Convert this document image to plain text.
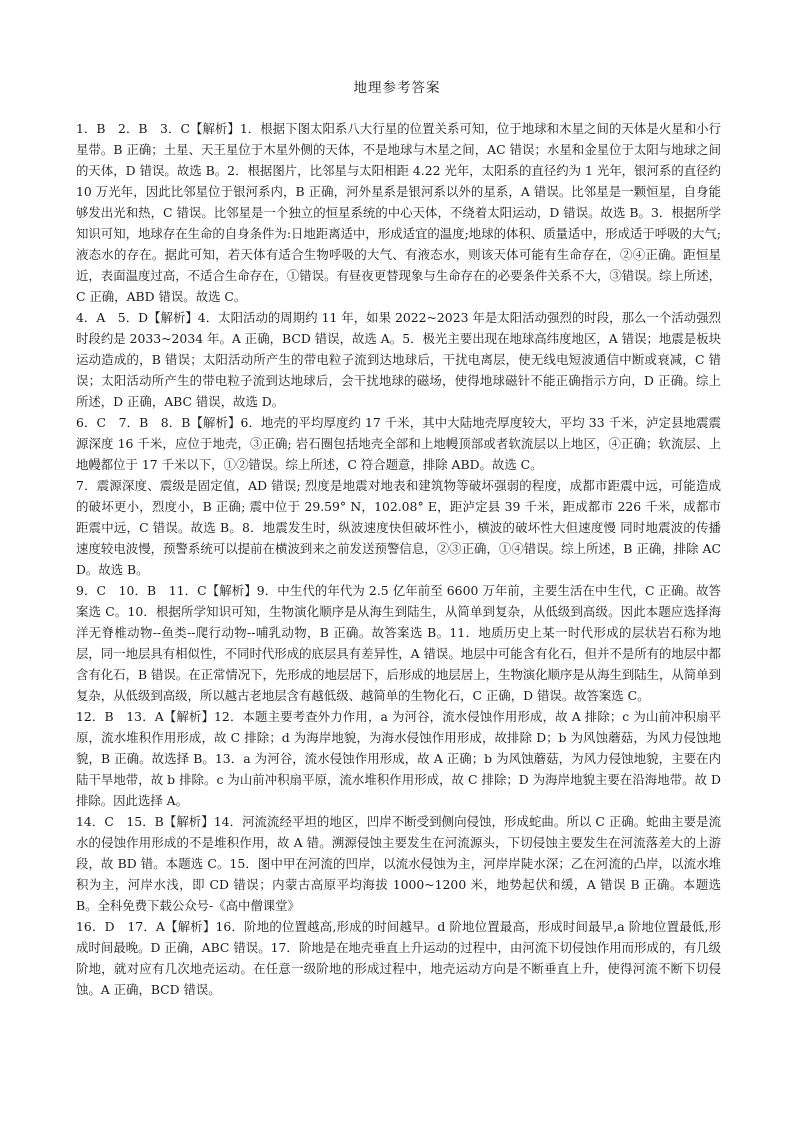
地理参考答案

1．B　2．B　3．C【解析】1．根据下图太阳系八大行星的位置关系可知，位于地球和木星之间的天体是火星和小行星带。B 正确；土星、天王星位于木星外侧的天体，不是地球与木星之间，AC 错误；水星和金星位于太阳与地球之间的天体，D 错误。故选 B。2．根据图片，比邻星与太阳相距 4.22 光年，太阳系的直径约为 1 光年，银河系的直径约 10 万光年，因此比邻星位于银河系内，B 正确，河外星系是银河系以外的星系，A 错误。比邻星是一颗恒星，自身能够发出光和热，C 错误。比邻星是一个独立的恒星系统的中心天体，不绕着太阳运动，D 错误。故选 B。3．根据所学知识可知，地球存在生命的自身条件为:日地距离适中，形成适宜的温度;地球的体积、质量适中，形成适于呼吸的大气;液态水的存在。据此可知，若天体有适合生物呼吸的大气、有液态水，则该天体可能有生命存在，②④正确。距恒星近，表面温度过高，不适合生命存在，①错误。有昼夜更替现象与生命存在的必要条件关系不大，③错误。综上所述，C 正确，ABD 错误。故选 C。

4．A　5．D【解析】4．太阳活动的周期约 11 年，如果 2022~2023 年是太阳活动强烈的时段，那么一个活动强烈时段约是 2033~2034 年。A 正确，BCD 错误，故选 A。5．极光主要出现在地球高纬度地区，A 错误；地震是板块运动造成的，B 错误；太阳活动所产生的带电粒子流到达地球后，干扰电离层，使无线电短波通信中断或衰减，C 错误；太阳活动所产生的带电粒子流到达地球后，会干扰地球的磁场，使得地球磁针不能正确指示方向，D 正确。综上所述，D 正确，ABC 错误，故选 D。

6．C　7．B　8．B【解析】6．地壳的平均厚度约 17 千米，其中大陆地壳厚度较大，平均 33 千米，泸定县地震震源深度 16 千米，应位于地壳，③正确; 岩石圈包括地壳全部和上地幔顶部或者软流层以上地区，④正确；软流层、上地幔都位于 17 千米以下，①②错误。综上所述，C 符合题意，排除 ABD。故选 C。

7．震源深度、震级是固定值，AD 错误; 烈度是地震对地表和建筑物等破坏强弱的程度，成都市距震中远，可能造成的破坏更小，烈度小，B 正确; 震中位于 29.59° N，102.08° E，距泸定县 39 千米，距成都市 226 千米，成都市距震中远，C 错误。故选 B。8．地震发生时，纵波速度快但破坏性小，横波的破坏性大但速度慢 同时地震波的传播速度较电波慢，预警系统可以提前在横波到来之前发送预警信息，②③正确，①④错误。综上所述，B 正确，排除 ACD。故选 B。

9．C　10．B　11．C【解析】9．中生代的年代为 2.5 亿年前至 6600 万年前，主要生活在中生代，C 正确。故答案选 C。10．根据所学知识可知，生物演化顺序是从海生到陆生，从简单到复杂，从低级到高级。因此本题应选择海洋无脊椎动物--鱼类--爬行动物--哺乳动物，B 正确。故答案选 B。11．地质历史上某一时代形成的层状岩石称为地层，同一地层具有相似性，不同时代形成的底层具有差异性，A 错误。地层中可能含有化石，但并不是所有的地层中都含有化石，B 错误。在正常情况下，先形成的地层居下，后形成的地层居上，生物演化顺序是从海生到陆生，从简单到复杂，从低级到高级，所以越古老地层含有越低级、越简单的生物化石，C 正确，D 错误。故答案选 C。

12．B　13．A【解析】12．本题主要考查外力作用，a 为河谷，流水侵蚀作用形成，故 A 排除；c 为山前冲积扇平原，流水堆积作用形成，故 C 排除；d 为海岸地貌，为海水侵蚀作用形成，故排除 D；b 为风蚀蘑菇，为风力侵蚀地貌，B 正确。故选择 B。13．a 为河谷，流水侵蚀作用形成，故 A 正确；b 为风蚀蘑菇，为风力侵蚀地貌，主要在内陆干旱地带，故 b 排除。c 为山前冲积扇平原，流水堆积作用形成，故 C 排除；D 为海岸地貌主要在沿海地带。故 D 排除。因此选择 A。

14．C　15．B【解析】14．河流流经平坦的地区，凹岸不断受到侧向侵蚀，形成蛇曲。所以 C 正确。蛇曲主要是流水的侵蚀作用形成的不是堆积作用，故 A 错。溯源侵蚀主要发生在河流源头，下切侵蚀主要发生在河流落差大的上游段，故 BD 错。本题选 C。15．图中甲在河流的凹岸，以流水侵蚀为主，河岸岸陡水深；乙在河流的凸岸，以流水堆积为主，河岸水浅，即 CD 错误；内蒙古高原平均海拔 1000~1200 米，地势起伏和缓，A 错误 B 正确。本题选 B。全科免费下载公众号-《高中僧课堂》

16．D　17．A【解析】16．阶地的位置越高,形成的时间越早。d 阶地位置最高，形成时间最早,a 阶地位置最低,形成时间最晚。D 正确，ABC 错误。17．阶地是在地壳垂直上升运动的过程中，由河流下切侵蚀作用而形成的，有几级阶地，就对应有几次地壳运动。在任意一级阶地的形成过程中，地壳运动方向是不断垂直上升，使得河流不断下切侵蚀。A 正确，BCD 错误。
